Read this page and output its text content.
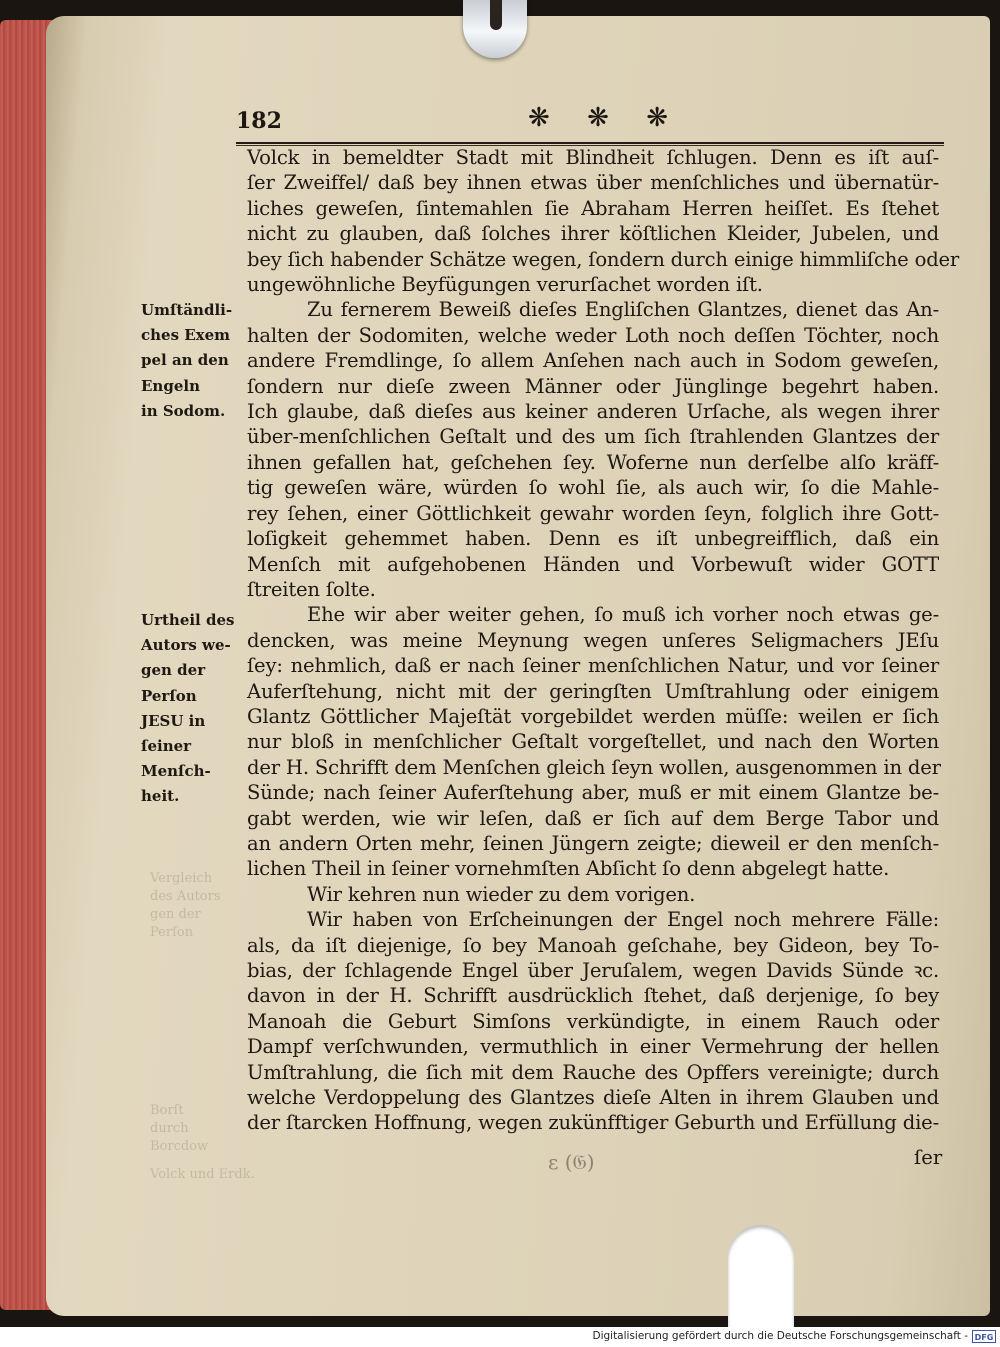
Vergleich
des Autors
gen der
Perſon
Borſt
durch
Borcdow
Volck und Erdk.
182	❋ ❋ ❋
Umſtändli-
ches Exem
pel an den
Engeln
in Sodom.
Urtheil des
Autors we-
gen der
Perſon
JESU in
ſeiner
Menſch-
heit.
Volck in bemeldter Stadt mit Blindheit ſchlugen. Denn es iſt auſ-
ſer Zweiffel/ daß bey ihnen etwas über menſchliches und übernatür-
liches geweſen, ſintemahlen ſie Abraham Herren heiſſet. Es ſtehet
nicht zu glauben, daß ſolches ihrer köſtlichen Kleider, Jubelen, und
bey ſich habender Schätze wegen, ſondern durch einige himmliſche oder
ungewöhnliche Beyfügungen verurſachet worden iſt.
Zu fernerem Beweiß dieſes Engliſchen Glantzes, dienet das An-
halten der Sodomiten, welche weder Loth noch deſſen Töchter, noch
andere Fremdlinge, ſo allem Anſehen nach auch in Sodom geweſen,
ſondern nur dieſe zween Männer oder Jünglinge begehrt haben.
Ich glaube, daß dieſes aus keiner anderen Urſache, als wegen ihrer
über-menſchlichen Geſtalt und des um ſich ſtrahlenden Glantzes der
ihnen gefallen hat, geſchehen ſey. Woferne nun derſelbe alſo kräff-
tig geweſen wäre, würden ſo wohl ſie, als auch wir, ſo die Mahle-
rey ſehen, einer Göttlichkeit gewahr worden ſeyn, folglich ihre Gott-
loſigkeit gehemmet haben. Denn es iſt unbegreifflich, daß ein
Menſch mit aufgehobenen Händen und Vorbewuſt wider GOTT
ſtreiten ſolte.
Ehe wir aber weiter gehen, ſo muß ich vorher noch etwas ge-
dencken, was meine Meynung wegen unſeres Seligmachers JEſu
ſey: nehmlich, daß er nach ſeiner menſchlichen Natur, und vor ſeiner
Auferſtehung, nicht mit der geringſten Umſtrahlung oder einigem
Glantz Göttlicher Majeſtät vorgebildet werden müſſe: weilen er ſich
nur bloß in menſchlicher Geſtalt vorgeſtellet, und nach den Worten
der H. Schrifft dem Menſchen gleich ſeyn wollen, ausgenommen in der
Sünde; nach ſeiner Auferſtehung aber, muß er mit einem Glantze be-
gabt werden, wie wir leſen, daß er ſich auf dem Berge Tabor und
an andern Orten mehr, ſeinen Jüngern zeigte; dieweil er den menſch-
lichen Theil in ſeiner vornehmſten Abſicht ſo denn abgelegt hatte.
Wir kehren nun wieder zu dem vorigen.
Wir haben von Erſcheinungen der Engel noch mehrere Fälle:
als, da iſt diejenige, ſo bey Manoah geſchahe, bey Gideon, bey To-
bias, der ſchlagende Engel über Jeruſalem, wegen Davids Sünde ꝛc.
davon in der H. Schrifft ausdrücklich ſtehet, daß derjenige, ſo bey
Manoah die Geburt Simſons verkündigte, in einem Rauch oder
Dampf verſchwunden, vermuthlich in einer Vermehrung der hellen
Umſtrahlung, die ſich mit dem Rauche des Opffers vereinigte; durch
welche Verdoppelung des Glantzes dieſe Alten in ihrem Glauben und
der ſtarcken Hoffnung, wegen zukünfftiger Geburth und Erfüllung die-
ε (𝔊)	ſer
Digitalisierung gefördert durch die Deutsche Forschungsgemeinschaft - DFG
